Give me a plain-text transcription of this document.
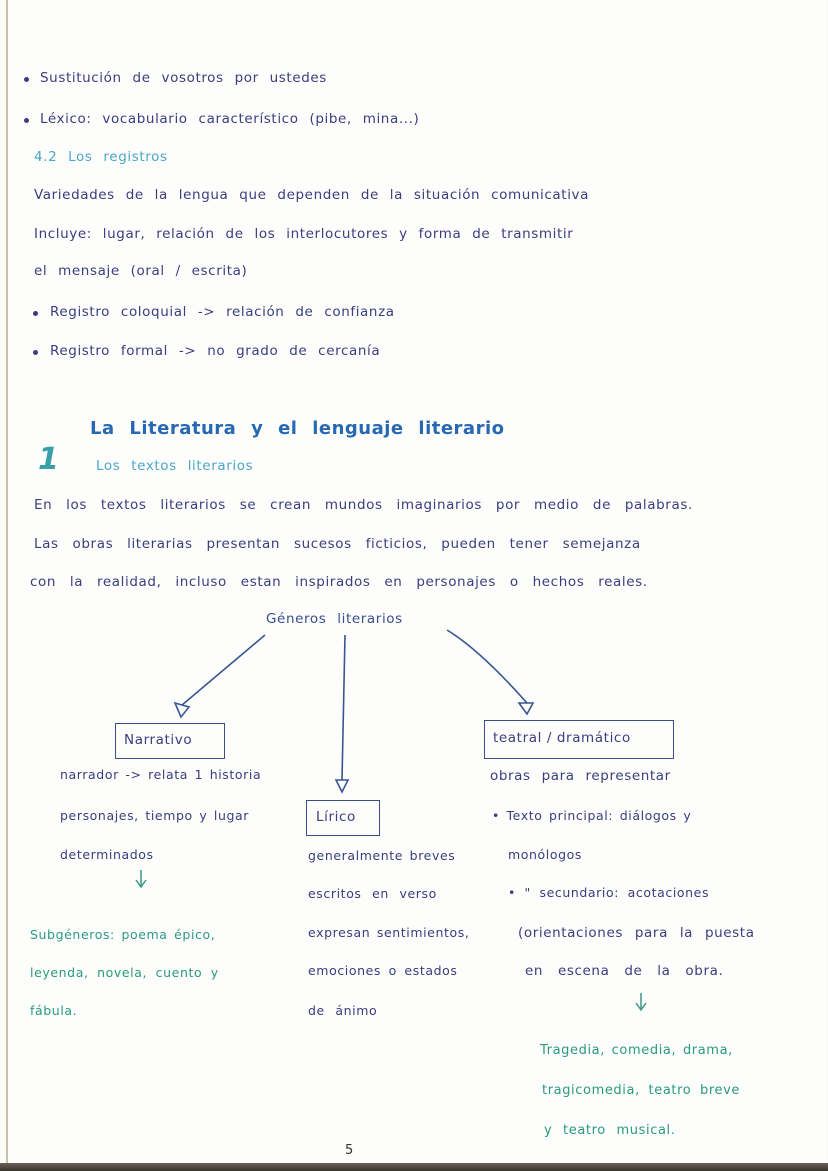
Sustitución de vosotros por ustedes
Léxico: vocabulario característico (pibe, mina...)
4.2 Los registros
Variedades de la lengua que dependen de la situación comunicativa
Incluye: lugar, relación de los interlocutores y forma de transmitir
el mensaje (oral / escrita)
Registro coloquial -> relación de confianza
Registro formal -> no grado de cercanía
La Literatura y el lenguaje literario
1	Los textos literarios
En los textos literarios se crean mundos imaginarios por medio de palabras.
Las obras literarias presentan sucesos ficticios, pueden tener semejanza
con la realidad, incluso estan inspirados en personajes o hechos reales.
Géneros literarios
Narrativo	teatral / dramático
Lírico
narrador -> relata 1 historia
personajes, tiempo y lugar
determinados
Subgéneros: poema épico,
leyenda, novela, cuento y
fábula.
generalmente breves
escritos en verso
expresan sentimientos,
emociones o estados
de ánimo
obras para representar
• Texto principal: diálogos y
monólogos
• " secundario: acotaciones
(orientaciones para la puesta
en escena de la obra.
Tragedia, comedia, drama,
tragicomedia, teatro breve
y teatro musical.
5
